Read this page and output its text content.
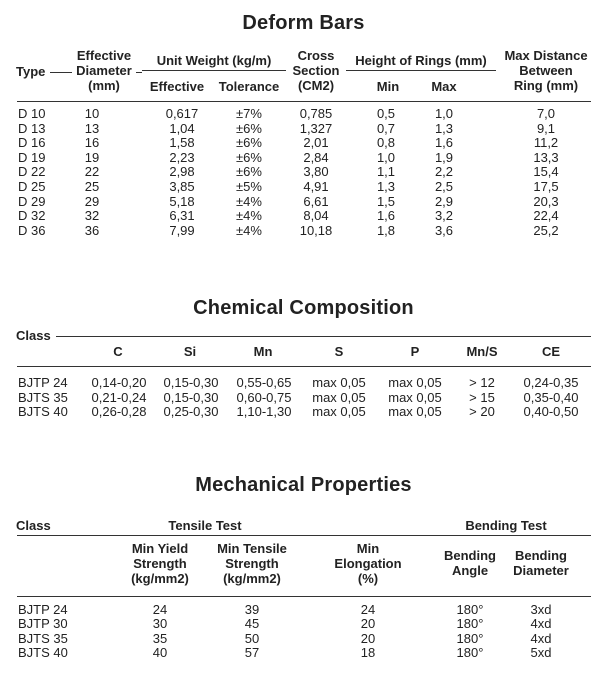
Deform Bars
Type
Effective
Diameter
(mm)
Unit Weight (kg/m)
Effective	Tolerance
Cross
Section
(CM2)
Height of Rings (mm)
Min	Max
Max Distance
Between
Ring (mm)
D 10	10	0,617	±7%	0,785	0,5	1,0	7,0
D 13	13	1,04	±6%	1,327	0,7	1,3	9,1
D 16	16	1,58	±6%	2,01	0,8	1,6	11,2
D 19	19	2,23	±6%	2,84	1,0	1,9	13,3
D 22	22	2,98	±6%	3,80	1,1	2,2	15,4
D 25	25	3,85	±5%	4,91	1,3	2,5	17,5
D 29	29	5,18	±4%	6,61	1,5	2,9	20,3
D 32	32	6,31	±4%	8,04	1,6	3,2	22,4
D 36	36	7,99	±4%	10,18	1,8	3,6	25,2
Chemical Composition
Class
C	Si	Mn	S	P	Mn/S	CE
BJTP 24	0,14-0,20	0,15-0,30	0,55-0,65	max 0,05	max 0,05	> 12	0,24-0,35
BJTS 35	0,21-0,24	0,15-0,30	0,60-0,75	max 0,05	max 0,05	> 15	0,35-0,40
BJTS 40	0,26-0,28	0,25-0,30	1,10-1,30	max 0,05	max 0,05	> 20	0,40-0,50
Mechanical Properties
Class	Tensile Test	Bending Test
Min Yield
Strength
(kg/mm2)
Min Tensile
Strength
(kg/mm2)
Min
Elongation
(%)
Bending
Angle
Bending
Diameter
BJTP 24	24	39	24	180°	3xd
BJTP 30	30	45	20	180°	4xd
BJTS 35	35	50	20	180°	4xd
BJTS 40	40	57	18	180°	5xd
